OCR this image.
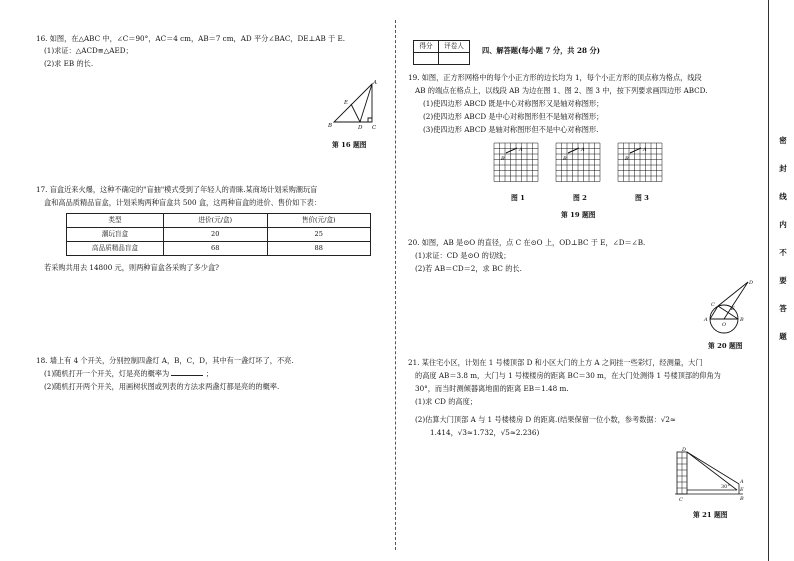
16. 如图，在△ABC 中，∠C＝90°，AC＝4 cm，AB＝7 cm，AD 平分∠BAC，DE⊥AB 于 E.
(1)求证：△ACD≌△AED；
(2)求 EB 的长.
A
E
B	D C
第 16 题图
17. 盲盒近来火爆，这种不确定的"盲抽"模式受到了年轻人的青睐.某商场计划采购潮玩盲
盒和高品质精品盲盒，计划采购两种盲盒共 500 盒，这两种盲盒的进价、售价如下表：
类型	进价(元/盒)	售价(元/盒)
潮玩盲盒	20	25
高品质精品盲盒	68	88
若采购共用去 14800 元，则两种盲盒各采购了多少盒?
18. 墙上有 4 个开关，分别控制四盏灯 A，B，C，D，其中有一盏灯坏了，不亮.
(1)随机打开一个开关，灯是亮的概率为	；
(2)随机打开两个开关，用画树状图或列表的方法求两盏灯都是亮的的概率.
得分	评卷人
		四、解答题(每小题 7 分，共 28 分)
19. 如图，正方形网格中的每个小正方形的边长均为 1，每个小正方形的顶点称为格点，线段
AB 的端点在格点上，以线段 AB 为边在图 1、图 2、图 3 中，按下列要求画四边形 ABCD.
(1)使四边形 ABCD 既是中心对称图形又是轴对称图形；
(2)使四边形 ABCD 是中心对称图形但不是轴对称图形；
(3)使四边形 ABCD 是轴对称图形但不是中心对称图形.
A
B
A
B
A
B
图 1	图 2	图 3
第 19 题图
20. 如图，AB 是⊙O 的直径，点 C 在⊙O 上，OD⊥BC 于 E，∠D＝∠B.
(1)求证：CD 是⊙O 的切线；
(2)若 AB＝CD＝2，求 BC 的长.
D
C
E
A
O
B
第 20 题图
21. 某住宅小区，计划在 1 号楼顶部 D 和小区大门的上方 A 之间挂一些彩灯，经测量，大门
的高度 AB＝3.8 m，大门与 1 号楼楼房的距离 BC＝30 m，在大门处测得 1 号楼顶部的仰角为
30°，而当时测倾器离地面的距离 EB＝1.48 m.
(1)求 CD 的高度；
(2)估算大门顶部 A 与 1 号楼楼房 D 的距离.(结果保留一位小数，参考数据：√2≈
1.414，√3≈1.732，√5≈2.236)
D
A
E
B
C
30°
第 21 题图
密
封
线
内
不
要
答
题
